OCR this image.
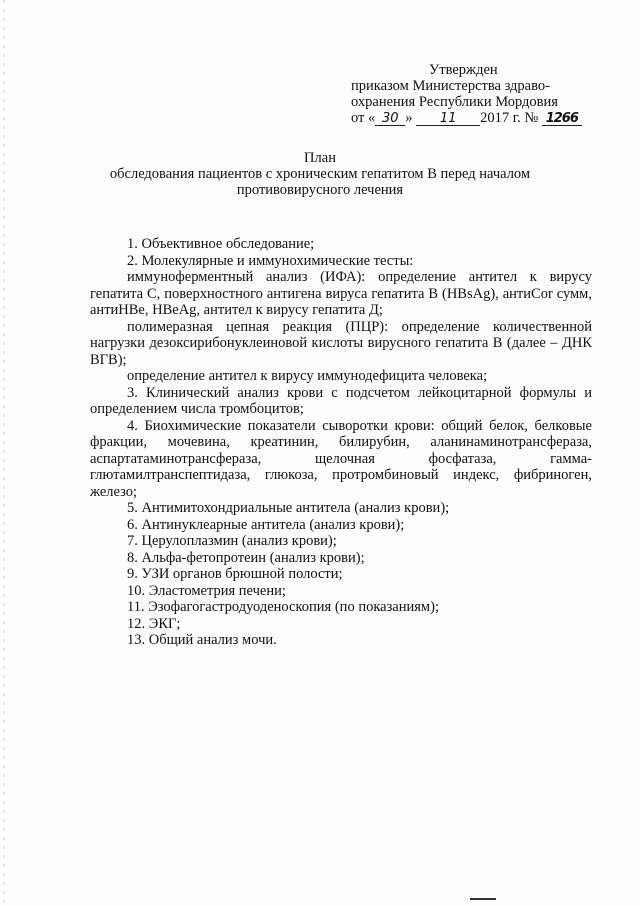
Утвержден
приказом Министерства здраво-
охранения Республики Мордовия
от « 30 » 11 2017 г. № 1266
План
обследования пациентов с хроническим гепатитом В перед началом
противовирусного лечения

1. Объективное обследование;

2. Молекулярные и иммунохимические тесты:

иммуноферментный анализ (ИФА): определение антител к вирусу гепатита С, поверхностного антигена вируса гепатита В (HBsAg), антиCor сумм, антиHBe, HBeAg, антител к вирусу гепатита Д;

полимеразная цепная реакция (ПЦР): определение количественной нагрузки дезоксирибонуклеиновой кислоты вирусного гепатита В (далее – ДНК ВГВ);

определение антител к вирусу иммунодефицита человека;

3. Клинический анализ крови с подсчетом лейкоцитарной формулы и определением числа тромбоцитов;

4. Биохимические показатели сыворотки крови: общий белок, белковые фракции, мочевина, креатинин, билирубин, аланинаминотрансфераза, аспартатаминотрансфераза, щелочная фосфатаза, гамма-глютамилтранспептидаза, глюкоза, протромбиновый индекс, фибриноген, железо;

5. Антимитохондриальные антитела (анализ крови);

6. Антинуклеарные антитела (анализ крови);

7. Церулоплазмин (анализ крови);

8. Альфа-фетопротеин (анализ крови);

9. УЗИ органов брюшной полости;

10. Эластометрия печени;

11. Эзофагогастродуоденоскопия (по показаниям);

12. ЭКГ;

13. Общий анализ мочи.
